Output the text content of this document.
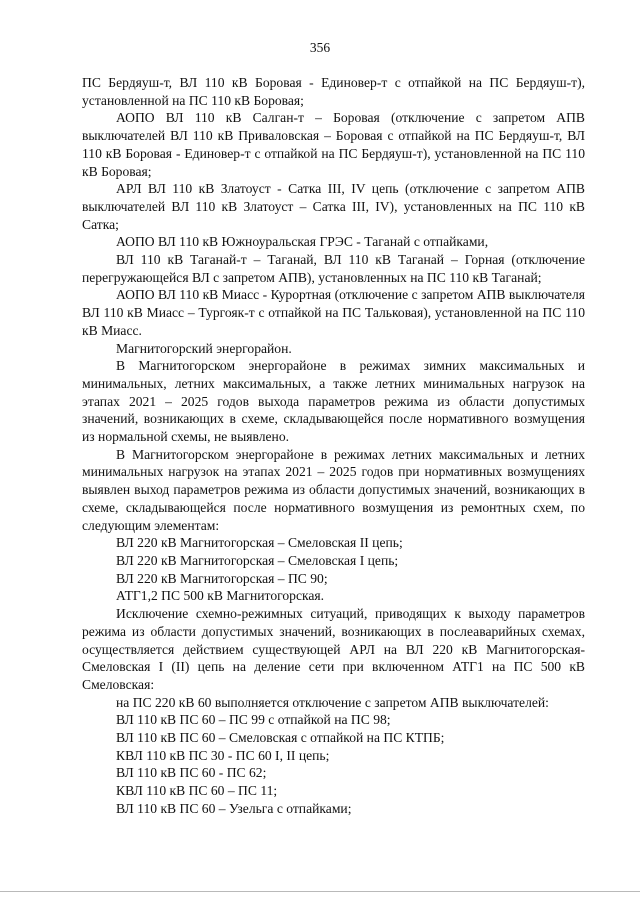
356

ПС Бердяуш-т, ВЛ 110 кВ Боровая - Единовер-т с отпайкой на ПС Бердяуш-т), установленной на ПС 110 кВ Боровая;

АОПО ВЛ 110 кВ Салган-т – Боровая (отключение с запретом АПВ выключателей ВЛ 110 кВ Приваловская – Боровая с отпайкой на ПС Бердяуш-т, ВЛ 110 кВ Боровая - Единовер-т с отпайкой на ПС Бердяуш-т), установленной на ПС 110 кВ Боровая;

АРЛ ВЛ 110 кВ Златоуст - Сатка III, IV цепь (отключение с запретом АПВ выключателей ВЛ 110 кВ Златоуст – Сатка III, IV), установленных на ПС 110 кВ Сатка;

АОПО ВЛ 110 кВ Южноуральская ГРЭС - Таганай с отпайками,

ВЛ 110 кВ Таганай-т – Таганай, ВЛ 110 кВ Таганай – Горная (отключение перегружающейся ВЛ с запретом АПВ), установленных на ПС 110 кВ Таганай;

АОПО ВЛ 110 кВ Миасс - Курортная (отключение с запретом АПВ выключателя ВЛ 110 кВ Миасс – Тургояк-т с отпайкой на ПС Тальковая), установленной на ПС 110 кВ Миасс.

Магнитогорский энергорайон.

В Магнитогорском энергорайоне в режимах зимних максимальных и минимальных, летних максимальных, а также летних минимальных нагрузок на этапах 2021 – 2025 годов выхода параметров режима из области допустимых значений, возникающих в схеме, складывающейся после нормативного возмущения из нормальной схемы, не выявлено.

В Магнитогорском энергорайоне в режимах летних максимальных и летних минимальных нагрузок на этапах 2021 – 2025 годов при нормативных возмущениях выявлен выход параметров режима из области допустимых значений, возникающих в схеме, складывающейся после нормативного возмущения из ремонтных схем, по следующим элементам:

ВЛ 220 кВ Магнитогорская – Смеловская II цепь;

ВЛ 220 кВ Магнитогорская – Смеловская I цепь;

ВЛ 220 кВ Магнитогорская – ПС 90;

АТГ1,2 ПС 500 кВ Магнитогорская.

Исключение схемно-режимных ситуаций, приводящих к выходу параметров режима из области допустимых значений, возникающих в послеаварийных схемах, осуществляется действием существующей АРЛ на ВЛ 220 кВ Магнитогорская-Смеловская I (II) цепь на деление сети при включенном АТГ1 на ПС 500 кВ Смеловская:

на ПС 220 кВ 60 выполняется отключение с запретом АПВ выключателей:

ВЛ 110 кВ ПС 60 – ПС 99 с отпайкой на ПС 98;

ВЛ 110 кВ ПС 60 – Смеловская с отпайкой на ПС КТПБ;

КВЛ 110 кВ ПС 30 - ПС 60 I, II цепь;

ВЛ 110 кВ ПС 60 - ПС 62;

КВЛ 110 кВ ПС 60 – ПС 11;

ВЛ 110 кВ ПС 60 – Узельга с отпайками;
